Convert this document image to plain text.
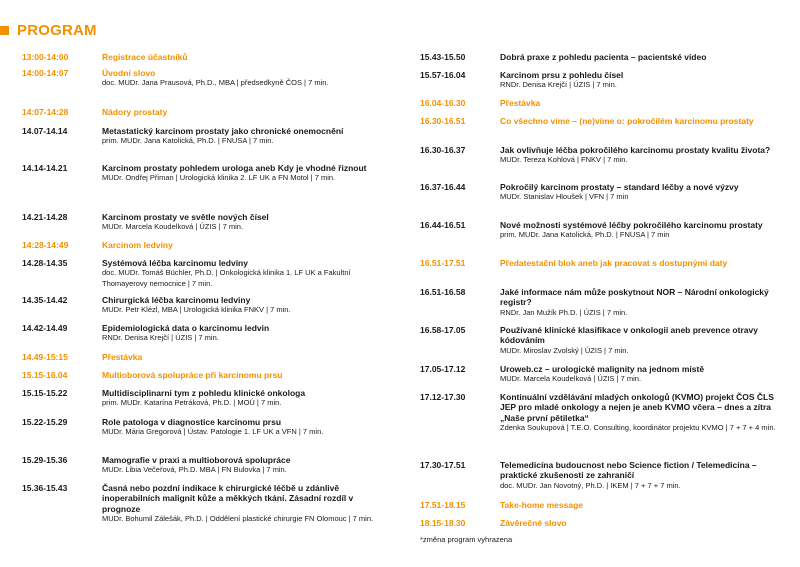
PROGRAM
13:00-14:00	Registrace účastníků
14:00-14:07	Úvodní slovo
doc. MUDr. Jana Prausová, Ph.D., MBA | předsedkyně ČOS | 7 min.
14:07-14:28	Nádory prostaty
14.07-14.14	Metastatický karcinom prostaty jako chronické onemocnění
prim. MUDr. Jana Katolická, Ph.D. | FNUSA | 7 min.
14.14-14.21	Karcinom prostaty pohledem urologa aneb Kdy je vhodné řiznout
MUDr. Ondřej Přiman | Urologická klinika 2. LF UK a FN Motol | 7 min.
14.21-14.28	Karcinom prostaty ve světle nových čísel
MUDr. Marcela Koudelková | ÚZIS | 7 min.
14:28-14:49	Karcinom ledviny
14.28-14.35	Systémová léčba karcinomu ledviny
doc. MUDr. Tomáš Büchler, Ph.D. | Onkologická klinika 1. LF UK a Fakultní Thomayerovy nemocnice | 7 min.
14.35-14.42	Chirurgická léčba karcinomu ledviny
MUDr. Petr Klézl, MBA | Urologická klinika FNKV | 7 min.
14.42-14.49	Epidemiologická data o karcinomu ledvin
RNDr. Denisa Krejčí | ÚZIS | 7 min.
14.49-15:15	Přestávka
15.15-16.04	Multioborová spolupráce při karcinomu prsu
15.15-15.22	Multidisciplinarni tym z pohledu klinické onkologa
prim. MUDr. Katarína Petráková, Ph.D. | MOÚ | 7 min.
15.22-15.29	Role patologa v diagnostice karcinomu prsu
MUDr. Mária Gregorová | Ústav. Patologie 1. LF UK a VFN | 7 min.
15.29-15.36	Mamografie v praxi a multioborová spolupráce
MUDr. Libia Večeřová, Ph.D. MBA | FN Bulovka | 7 min.
15.36-15.43	Časná nebo pozdní indikace k chirurgické léčbě u zdánlivě inoperabilních malignit kůže a měkkých tkání. Zásadní rozdíl v prognoze
MUDr. Bohumil Zálešák, Ph.D. | Oddělení plastické chirurgie FN Olomouc | 7 min.
15.43-15.50	Dobrá praxe z pohledu pacienta – pacientské video
15.57-16.04	Karcinom prsu z pohledu čísel
RNDr. Denisa Krejčí | ÚZIS | 7 min.
16.04-16.30	Přestávka
16.30-16.51	Co všechno víme – (ne)víme o: pokročilém karcinomu prostaty
16.30-16.37	Jak ovlivňuje léčba pokročilého karcinomu prostaty kvalitu života?
MUDr. Tereza Kohlová | FNKV | 7 min.
16.37-16.44	Pokročilý karcinom prostaty – standard léčby a nové výzvy
MUDr. Stanislav Hloušek | VFN | 7 min
16.44-16.51	Nové možnosti systémové léčby pokročilého karcinomu prostaty
prim. MUDr. Jana Katolická, Ph.D. | FNUSA | 7 min
16.51-17.51	Předatestační blok aneb jak pracovat s dostupnými daty
16.51-16.58	Jaké informace nám může poskytnout NOR – Národní onkologický registr?
RNDr. Jan Mužík Ph.D. | ÚZIS | 7 min.
16.58-17.05	Používané klinické klasifikace v onkologii aneb prevence otravy kódováním
MUDr. Miroslav Zvolský | ÚZIS | 7 min.
17.05-17.12	Uroweb.cz – urologické malignity na jednom místě
MUDr. Marcela Koudelková | ÚZIS | 7 min.
17.12-17.30	Kontinuální vzdělávání mladých onkologů (KVMO) projekt ČOS ČLS JEP pro mladé onkology a nejen je aneb KVMO včera – dnes a zítra „Naše první pětiletka“
Zdenka Soukupová | T.E.O. Consulting, koordinátor projektu KVMO | 7 + 7 + 4 min.
17.30-17.51	Telemedicína budoucnost nebo Science fiction / Telemedicína – praktické zkušenosti ze zahraničí
doc. MUDr. Jan Novotný, Ph.D. | IKEM | 7 + 7 + 7 min.
17.51-18.15	Take-home message
18.15-18.30	Závěrečné slovo
*změna program vyhrazena
